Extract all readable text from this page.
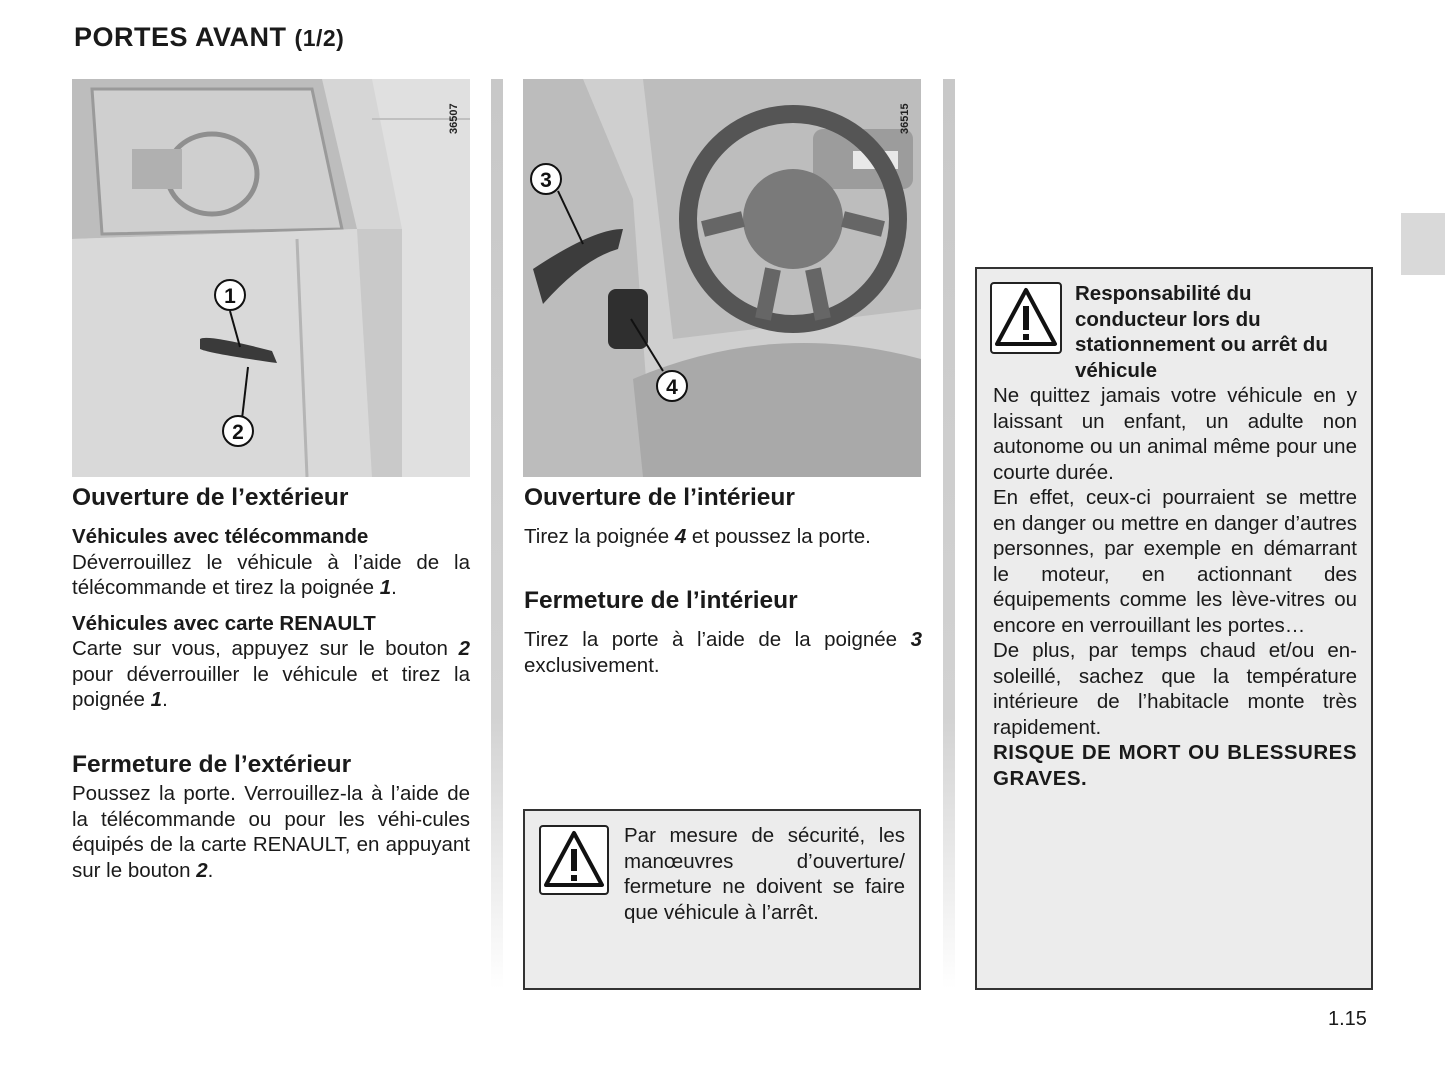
PORTES AVANT (1/2)
1
2
36507
3
4
36515
Ouverture de l’extérieur

Véhicules avec télécommande

Déverrouillez le véhicule à l’aide de la télécommande et tirez la poignée 1.

Véhicules avec carte RENAULT

Carte sur vous, appuyez sur le bouton 2 pour déverrouiller le véhicule et tirez la poignée 1.

Fermeture de l’extérieur

Poussez la porte. Verrouillez-la à l’aide de la télécommande ou pour les véhi-cules équipés de la carte RENAULT, en appuyant sur le bouton 2.

Ouverture de l’intérieur

Tirez la poignée 4 et poussez la porte.

Fermeture de l’intérieur

Tirez la porte à l’aide de la poignée 3 exclusivement.

Par mesure de sécurité, les manœuvres d’ouverture/ fermeture ne doivent se faire que véhicule à l’arrêt.
Responsabilité du conducteur lors du stationnement ou arrêt du véhicule

Ne quittez jamais votre véhicule en y laissant un enfant, un adulte non autonome ou un animal même pour une courte durée.

En effet, ceux-ci pourraient se mettre en danger ou mettre en danger d’autres personnes, par exemple en démarrant le moteur, en actionnant des équipements comme les lève-vitres ou encore en verrouillant les portes…

De plus, par temps chaud et/ou en-soleillé, sachez que la température intérieure de l’habitacle monte très rapidement.

RISQUE DE MORT OU BLESSURES GRAVES.

1.15
